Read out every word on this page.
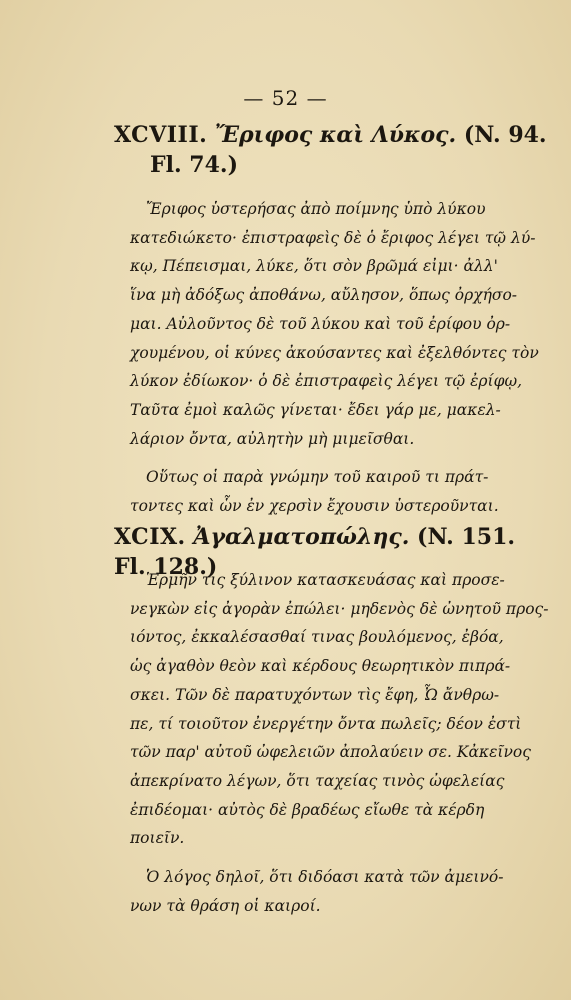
— 52 —
XCVIII. Ἔριφος καὶ Λύκος. (N. 94.
Fl. 74.)

Ἔριφος ὑστερήσας ἀπὸ ποίμνης ὑπὸ λύκου
κατεδιώκετο· ἐπιστραφεὶς δὲ ὁ ἔριφος λέγει τῷ λύ-
κῳ, Πέπεισμαι, λύκε, ὅτι σὸν βρῶμά εἰμι· ἀλλ'
ἵνα μὴ ἀδόξως ἀποθάνω, αὔλησον, ὅπως ὀρχήσο-
μαι. Αὐλοῦντος δὲ τοῦ λύκου καὶ τοῦ ἐρίφου ὀρ-
χουμένου, οἱ κύνες ἀκούσαντες καὶ ἐξελθόντες τὸν
λύκον ἐδίωκον· ὁ δὲ ἐπιστραφεὶς λέγει τῷ ἐρίφῳ,
Ταῦτα ἐμοὶ καλῶς γίνεται· ἔδει γάρ με, μακελ-
λάριον ὄντα, αὐλητὴν μὴ μιμεῖσθαι.

Οὕτως οἱ παρὰ γνώμην τοῦ καιροῦ τι πράτ-
τοντες καὶ ὧν ἐν χερσὶν ἔχουσιν ὑστεροῦνται.

XCIX. Ἀγαλματοπώλης. (N. 151. Fl. 128.)

Ἑρμῆν τις ξύλινον κατασκευάσας καὶ προσε-
νεγκὼν εἰς ἀγορὰν ἐπώλει· μηδενὸς δὲ ὠνητοῦ προς-
ιόντος, ἐκκαλέσασθαί τινας βουλόμενος, ἐβόα,
ὡς ἀγαθὸν θεὸν καὶ κέρδους θεωρητικὸν πιπρά-
σκει. Τῶν δὲ παρατυχόντων τὶς ἔφη, Ὦ ἄνθρω-
πε, τί τοιοῦτον ἐνεργέτην ὄντα πωλεῖς; δέον ἐστὶ
τῶν παρ' αὐτοῦ ὠφελειῶν ἀπολαύειν σε. Κἀκεῖνος
ἀπεκρίνατο λέγων, ὅτι ταχείας τινὸς ὠφελείας
ἐπιδέομαι· αὐτὸς δὲ βραδέως εἴωθε τὰ κέρδη
ποιεῖν.

Ὁ λόγος δηλοῖ, ὅτι διδόασι κατὰ τῶν ἀμεινό-
νων τὰ θράση οἱ καιροί.
